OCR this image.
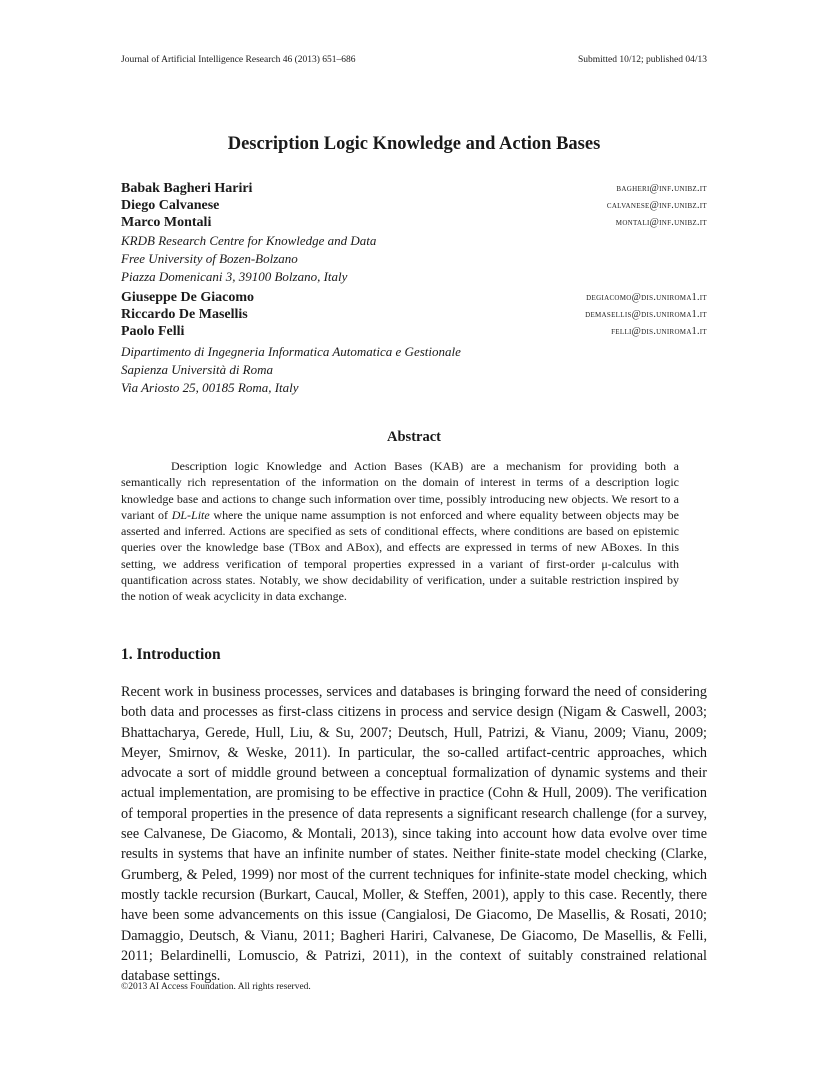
Journal of Artificial Intelligence Research 46 (2013) 651–686	Submitted 10/12; published 04/13
Description Logic Knowledge and Action Bases
Babak Bagheri Hariri	bagheri@inf.unibz.it
Diego Calvanese	calvanese@inf.unibz.it
Marco Montali	montali@inf.unibz.it
KRDB Research Centre for Knowledge and Data
Free University of Bozen-Bolzano
Piazza Domenicani 3, 39100 Bolzano, Italy
Giuseppe De Giacomo	degiacomo@dis.uniroma1.it
Riccardo De Masellis	demasellis@dis.uniroma1.it
Paolo Felli	felli@dis.uniroma1.it
Dipartimento di Ingegneria Informatica Automatica e Gestionale
Sapienza Università di Roma
Via Ariosto 25, 00185 Roma, Italy
Abstract

Description logic Knowledge and Action Bases (KAB) are a mechanism for providing both a semantically rich representation of the information on the domain of interest in terms of a description logic knowledge base and actions to change such information over time, possibly introducing new objects. We resort to a variant of DL-Lite where the unique name assumption is not enforced and where equality between objects may be asserted and inferred. Actions are specified as sets of conditional effects, where conditions are based on epistemic queries over the knowledge base (TBox and ABox), and effects are expressed in terms of new ABoxes. In this setting, we address verification of temporal properties expressed in a variant of first-order μ-calculus with quantification across states. Notably, we show decidability of verification, under a suitable restriction inspired by the notion of weak acyclicity in data exchange.

1. Introduction

Recent work in business processes, services and databases is bringing forward the need of considering both data and processes as first-class citizens in process and service design (Nigam & Caswell, 2003; Bhattacharya, Gerede, Hull, Liu, & Su, 2007; Deutsch, Hull, Patrizi, & Vianu, 2009; Vianu, 2009; Meyer, Smirnov, & Weske, 2011). In particular, the so-called artifact-centric approaches, which advocate a sort of middle ground between a conceptual formalization of dynamic systems and their actual implementation, are promising to be effective in practice (Cohn & Hull, 2009). The verification of temporal properties in the presence of data represents a significant research challenge (for a survey, see Calvanese, De Giacomo, & Montali, 2013), since taking into account how data evolve over time results in systems that have an infinite number of states. Neither finite-state model checking (Clarke, Grumberg, & Peled, 1999) nor most of the current techniques for infinite-state model checking, which mostly tackle recursion (Burkart, Caucal, Moller, & Steffen, 2001), apply to this case. Recently, there have been some advancements on this issue (Cangialosi, De Giacomo, De Masellis, & Rosati, 2010; Damaggio, Deutsch, & Vianu, 2011; Bagheri Hariri, Calvanese, De Giacomo, De Masellis, & Felli, 2011; Belardinelli, Lomuscio, & Patrizi, 2011), in the context of suitably constrained relational database settings.

©2013 AI Access Foundation. All rights reserved.
